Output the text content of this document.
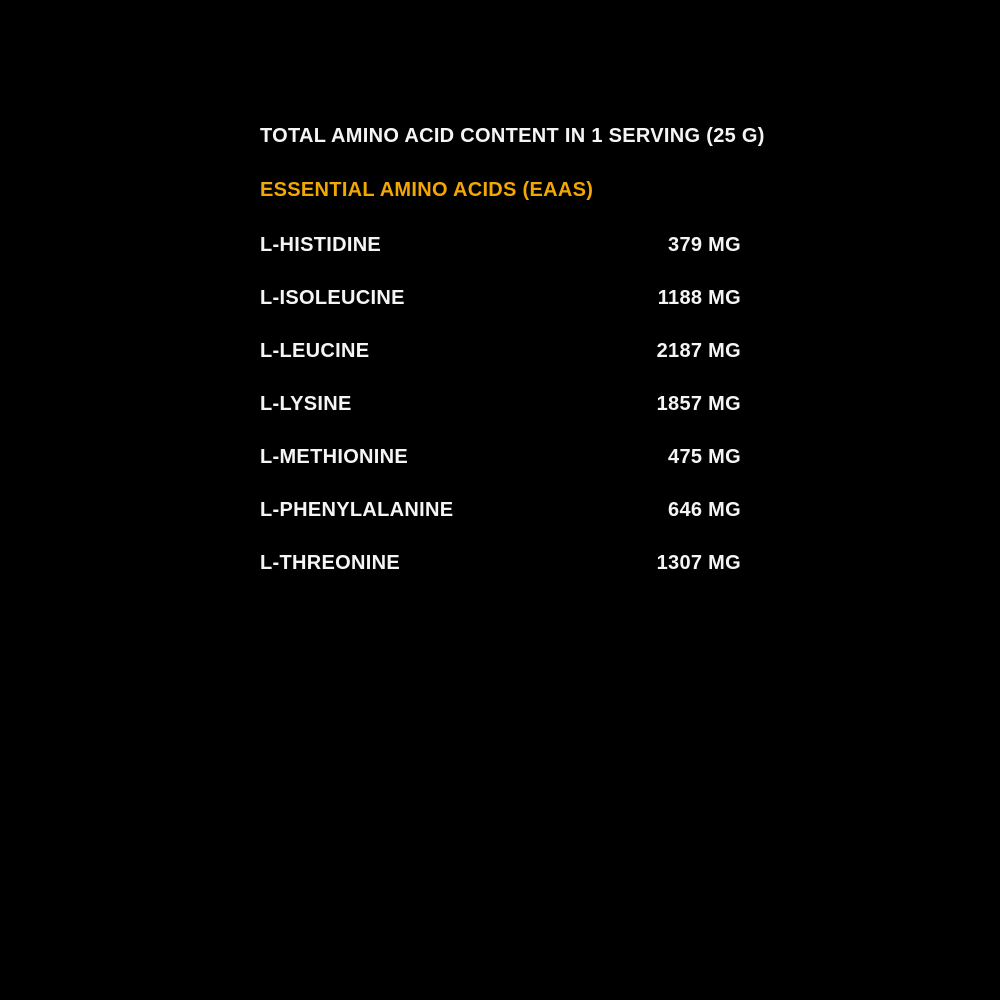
TOTAL AMINO ACID CONTENT IN 1 SERVING (25 G)
ESSENTIAL AMINO ACIDS (EAAS)
L-HISTIDINE	379 MG
L-ISOLEUCINE	1188 MG
L-LEUCINE	2187 MG
L-LYSINE	1857 MG
L-METHIONINE	475 MG
L-PHENYLALANINE	646 MG
L-THREONINE	1307 MG
